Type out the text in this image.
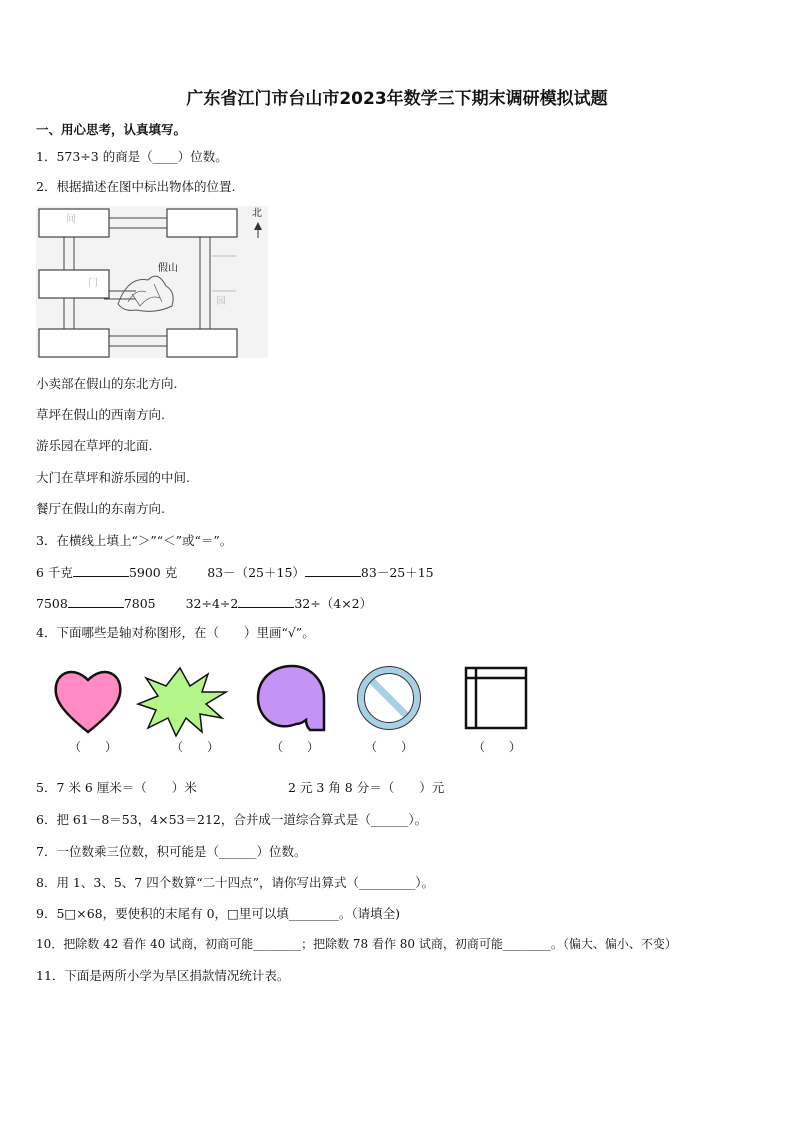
广东省江门市台山市2023年数学三下期末调研模拟试题
一、用心思考，认真填写。
1．573÷3 的商是（____）位数。
2．根据描述在图中标出物体的位置.
假山
北
间
门
园
小卖部在假山的东北方向.
草坪在假山的西南方向.
游乐园在草坪的北面.
大门在草坪和游乐园的中间.
餐厅在假山的东南方向.
3．在横线上填上“＞”“＜”或“＝”。
6 千克	5900 克 83－（25＋15）	83－25＋15
7508	7805 32÷4÷2	32÷（4×2）
4．下面哪些是轴对称图形，在（　　）里画“√”。
（　　）	（　　）	（　　）	（　　）	（　　）
5．7 米 6 厘米＝（　　）米	2 元 3 角 8 分＝（　　）元
6．把 61－8＝53，4×53＝212，合并成一道综合算式是（______）。
7．一位数乘三位数，积可能是（______）位数。
8．用 1、3、5、7 四个数算“二十四点”，请你写出算式（_________）。
9．5□×68，要使积的末尾有 0，□里可以填________。（请填全)
10．把除数 42 看作 40 试商，初商可能________；把除数 78 看作 80 试商，初商可能________。（偏大、偏小、不变）
11．下面是两所小学为旱区捐款情况统计表。
